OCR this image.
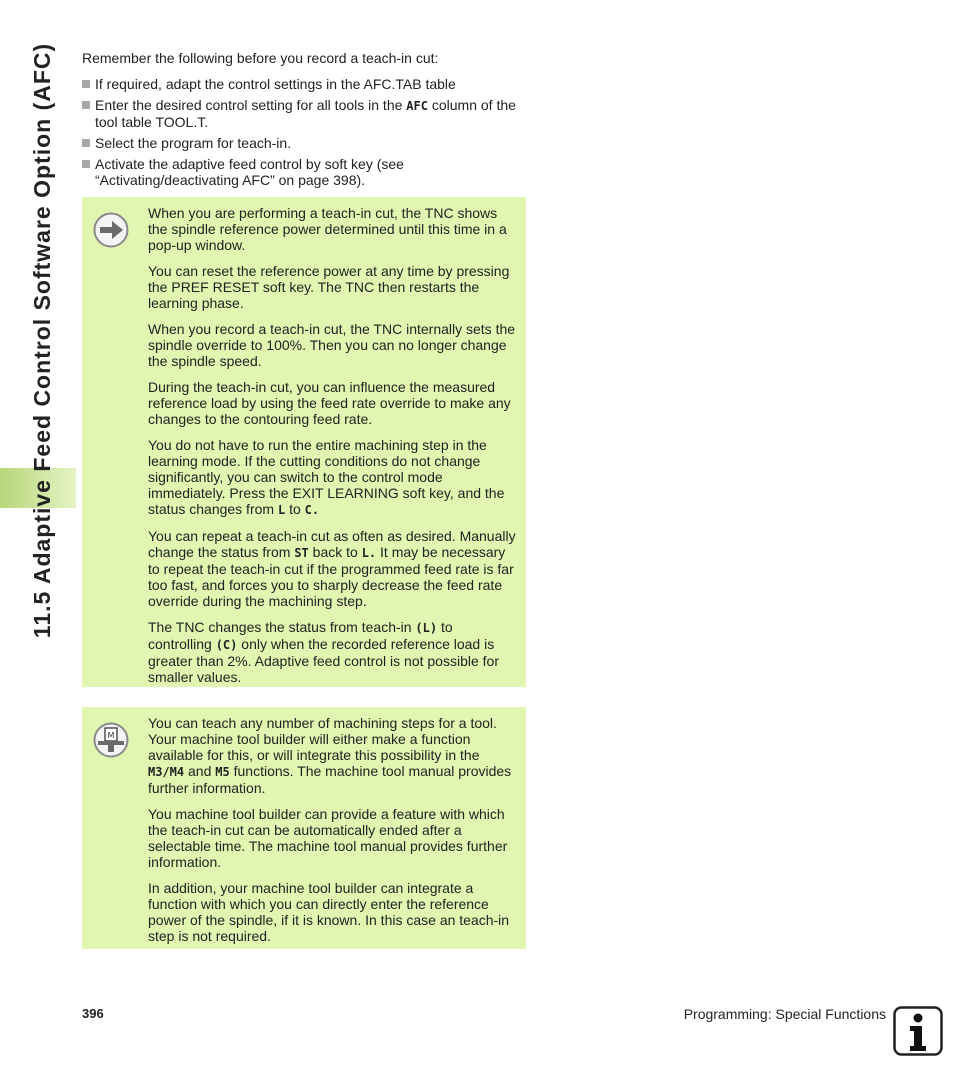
11.5 Adaptive Feed Control Software Option (AFC) Remember the following before you record a teach-in cut:

If required, adapt the control settings in the AFC.TAB table
Enter the desired control setting for all tools in the AFC column of the tool table TOOL.T.
Select the program for teach-in.
Activate the adaptive feed control by soft key (see “Activating/deactivating AFC” on page 398).

When you are performing a teach-in cut, the TNC shows the spindle reference power determined until this time in a pop-up window.

You can reset the reference power at any time by pressing the PREF RESET soft key. The TNC then restarts the learning phase.

When you record a teach-in cut, the TNC internally sets the spindle override to 100%. Then you can no longer change the spindle speed.

During the teach-in cut, you can influence the measured reference load by using the feed rate override to make any changes to the contouring feed rate.

You do not have to run the entire machining step in the learning mode. If the cutting conditions do not change significantly, you can switch to the control mode immediately. Press the EXIT LEARNING soft key, and the status changes from L to C.

You can repeat a teach-in cut as often as desired. Manually change the status from ST back to L. It may be necessary to repeat the teach-in cut if the programmed feed rate is far too fast, and forces you to sharply decrease the feed rate override during the machining step.

The TNC changes the status from teach-in (L) to controlling (C) only when the recorded reference load is greater than 2%. Adaptive feed control is not possible for smaller values.

M

You can teach any number of machining steps for a tool. Your machine tool builder will either make a function available for this, or will integrate this possibility in the M3/M4 and M5 functions. The machine tool manual provides further information.

You machine tool builder can provide a feature with which the teach-in cut can be automatically ended after a selectable time. The machine tool manual provides further information.

In addition, your machine tool builder can integrate a function with which you can directly enter the reference power of the spindle, if it is known. In this case an teach-in step is not required.

396	Programming: Special Functions
